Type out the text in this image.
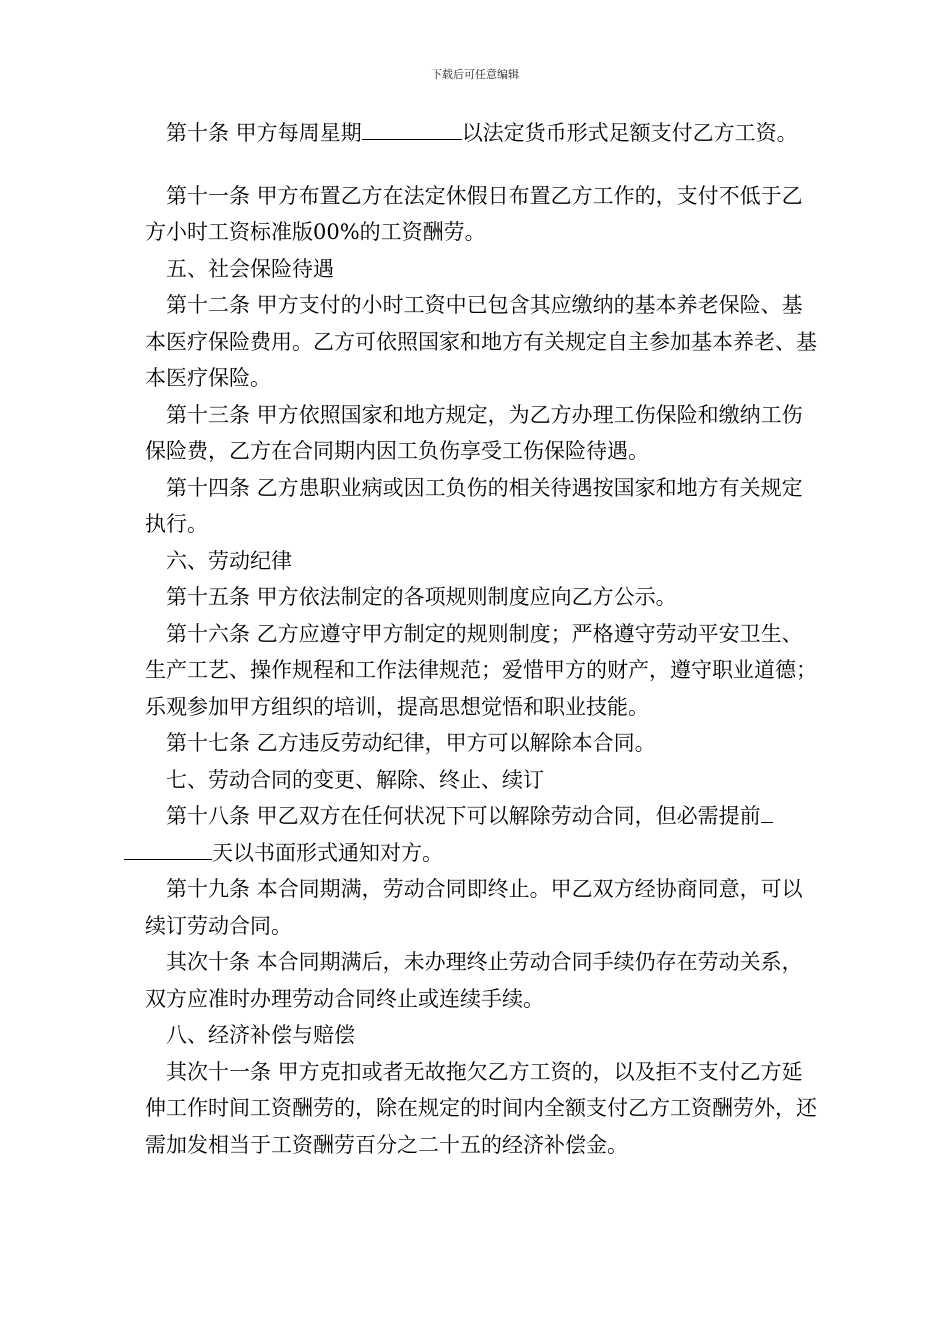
下载后可任意编辑

第十条 甲方每周星期	以法定货币形式足额支付乙方工资。

第十一条 甲方布置乙方在法定休假日布置乙方工作的，支付不低于乙方小时工资标准版00%的工资酬劳。

五、社会保险待遇

第十二条 甲方支付的小时工资中已包含其应缴纳的基本养老保险、基本医疗保险费用。乙方可依照国家和地方有关规定自主参加基本养老、基本医疗保险。

第十三条 甲方依照国家和地方规定，为乙方办理工伤保险和缴纳工伤保险费，乙方在合同期内因工负伤享受工伤保险待遇。

第十四条 乙方患职业病或因工负伤的相关待遇按国家和地方有关规定执行。

六、劳动纪律

第十五条 甲方依法制定的各项规则制度应向乙方公示。

第十六条 乙方应遵守甲方制定的规则制度；严格遵守劳动平安卫生、生产工艺、操作规程和工作法律规范；爱惜甲方的财产，遵守职业道德；乐观参加甲方组织的培训，提高思想觉悟和职业技能。

第十七条 乙方违反劳动纪律，甲方可以解除本合同。

七、劳动合同的变更、解除、终止、续订

第十八条 甲乙双方在任何状况下可以解除劳动合同，但必需提前
天以书面形式通知对方。

第十九条 本合同期满，劳动合同即终止。甲乙双方经协商同意，可以续订劳动合同。

其次十条 本合同期满后，未办理终止劳动合同手续仍存在劳动关系，双方应准时办理劳动合同终止或连续手续。

八、经济补偿与赔偿

其次十一条 甲方克扣或者无故拖欠乙方工资的，以及拒不支付乙方延伸工作时间工资酬劳的，除在规定的时间内全额支付乙方工资酬劳外，还需加发相当于工资酬劳百分之二十五的经济补偿金。
